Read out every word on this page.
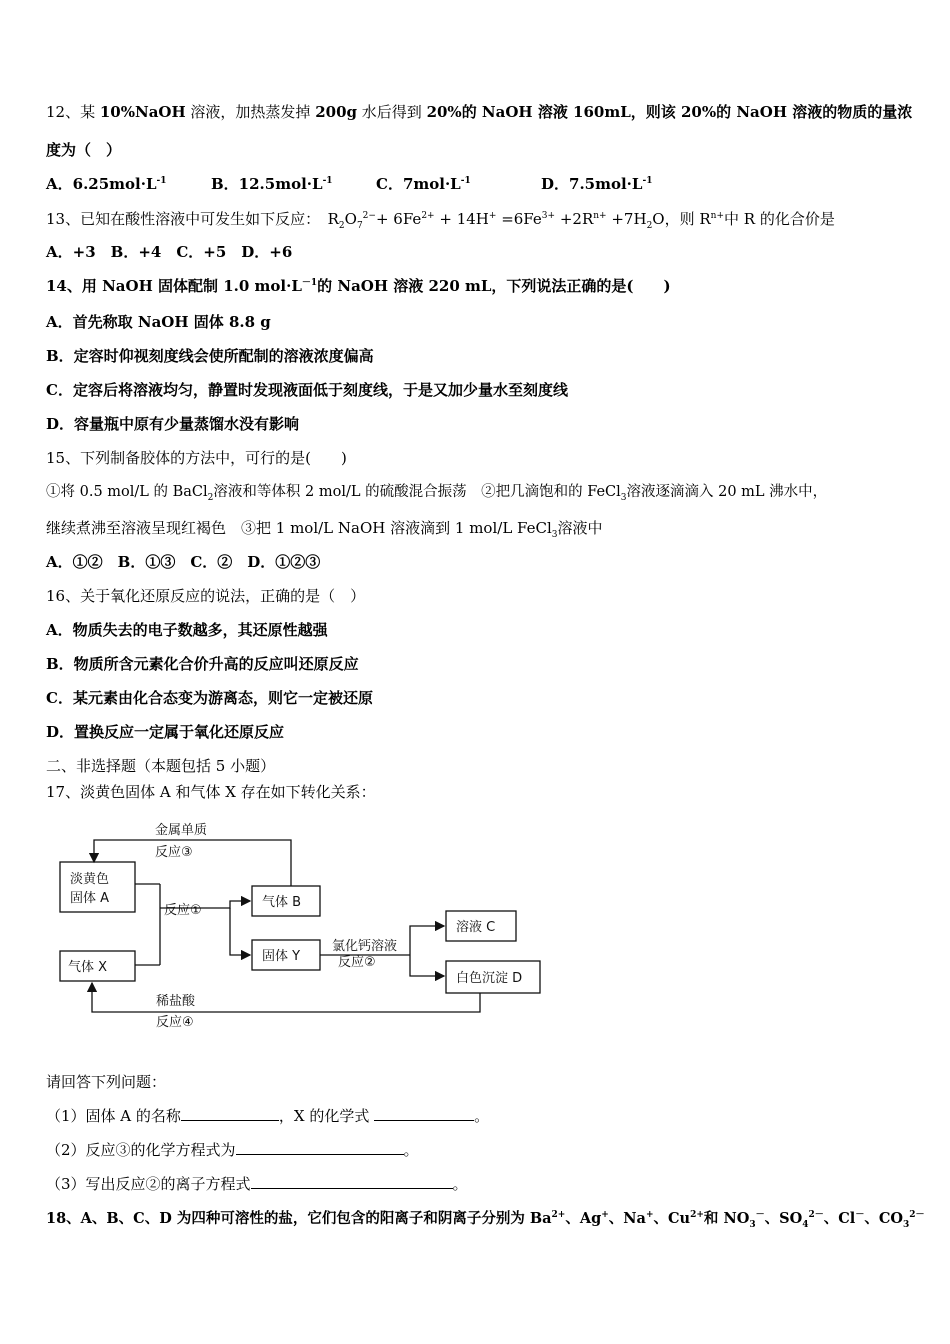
12、某 10%NaOH 溶液，加热蒸发掉 200g 水后得到 20%的 NaOH 溶液 160mL，则该 20%的 NaOH 溶液的物质的量浓
度为（　）
A．$6.25mol\cdot L^{-1}$	B．$12.5mol\cdot L^{-1}$	C．$7mol\cdot L^{-1}$	D．$7.5mol\cdot L^{-1}$
13、已知在酸性溶液中可发生如下反应：　$R_2O_7^{2-}+ 6Fe^{2+} + 14H^+ =6Fe^{3+} +2R^{n+} +7H_2O$，则 $R^{n+}$中 R 的化合价是
A．+3　B．+4　C．+5　D．+6
14、用 NaOH 固体配制 1.0 $mol\cdot L^{-1}$的 NaOH 溶液 220 mL，下列说法正确的是(　　)
A．首先称取 NaOH 固体 8.8 g
B．定容时仰视刻度线会使所配制的溶液浓度偏高
C．定容后将溶液均匀，静置时发现液面低于刻度线，于是又加少量水至刻度线
D．容量瓶中原有少量蒸馏水没有影响
15、下列制备胶体的方法中，可行的是(　　)
①将 0.5 mol/L 的 BaCl$_2$溶液和等体积 2 mol/L 的硫酸混合振荡　②把几滴饱和的 FeCl$_3$溶液逐滴滴入 20 mL 沸水中，
继续煮沸至溶液呈现红褐色　③把 1 mol/L NaOH 溶液滴到 1 mol/L FeCl$_3$溶液中
A．①②　B．①③　C．②　D．①②③
16、关于氧化还原反应的说法，正确的是（　）
A．物质失去的电子数越多，其还原性越强
B．物质所含元素化合价升高的反应叫还原反应
C．某元素由化合态变为游离态，则它一定被还原
D．置换反应一定属于氧化还原反应
二、非选择题（本题包括 5 小题）
17、淡黄色固体 A 和气体 X 存在如下转化关系：
金属单质
反应③
淡黄色
固体 A
气体 X
反应①
气体 B
固体 Y
氯化钙溶液
反应②
溶液 C
白色沉淀 D
稀盐酸
反应④
请回答下列问题：
（1）固体 A 的名称	，X 的化学式	。
（2）反应③的化学方程式为	。
（3）写出反应②的离子方程式	。
18、A、B、C、D 为四种可溶性的盐，它们包含的阳离子和阴离子分别为 $Ba^{2+}$、Ag+、Na+、$Cu^{2+}$和 $NO_3^-$、$SO_4^{2-}$、Cl－、$CO_3^{2-}$
